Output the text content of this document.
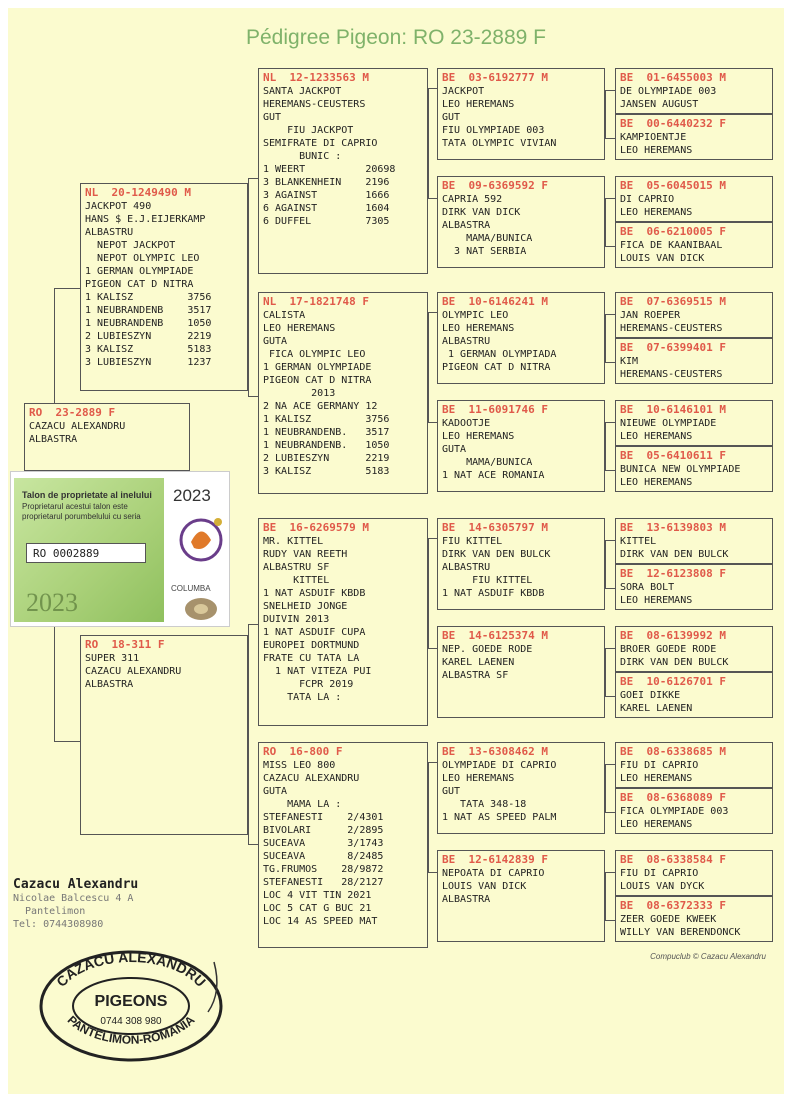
Pédigree Pigeon: RO 23-2889 F
RO  23-2889 F
CAZACU ALEXANDRU
ALBASTRA
NL  20-1249490 M
JACKPOT 490
HANS $ E.J.EIJERKAMP
ALBASTRU
NEPOT JACKPOT
NEPOT OLYMPIC LEO
1 GERMAN OLYMPIADE
PIGEON CAT D NITRA
1 KALISZ         3756
1 NEUBRANDENB    3517
1 NEUBRANDENB    1050
2 LUBIESZYN      2219
3 KALISZ         5183
3 LUBIESZYN      1237
RO  18-311 F
SUPER 311
CAZACU ALEXANDRU
ALBASTRA
NL  12-1233563 M
SANTA JACKPOT
HEREMANS-CEUSTERS
GUT
FIU JACKPOT
SEMIFRATE DI CAPRIO
BUNIC :
1 WEERT          20698
3 BLANKENHEIN    2196
3 AGAINST        1666
6 AGAINST        1604
6 DUFFEL         7305
NL  17-1821748 F
CALISTA
LEO HEREMANS
GUTA
FICA OLYMPIC LEO
1 GERMAN OLYMPIADE
PIGEON CAT D NITRA
2013
2 NA ACE GERMANY 12
1 KALISZ         3756
1 NEUBRANDENB.   3517
1 NEUBRANDENB.   1050
2 LUBIESZYN      2219
3 KALISZ         5183
BE  16-6269579 M
MR. KITTEL
RUDY VAN REETH
ALBASTRU SF
KITTEL
1 NAT ASDUIF KBDB
SNELHEID JONGE
DUIVIN 2013
1 NAT ASDUIF CUPA
EUROPEI DORTMUND
FRATE CU TATA LA
1 NAT VITEZA PUI
FCPR 2019
TATA LA :
RO  16-800 F
MISS LEO 800
CAZACU ALEXANDRU
GUTA
MAMA LA :
STEFANESTI    2/4301
BIVOLARI      2/2895
SUCEAVA       3/1743
SUCEAVA       8/2485
TG.FRUMOS    28/9872
STEFANESTI   28/2127
LOC 4 VIT TIN 2021
LOC 5 CAT G BUC 21
LOC 14 AS SPEED MAT
BE  03-6192777 M
JACKPOT
LEO HEREMANS
GUT
FIU OLYMPIADE 003
TATA OLYMPIC VIVIAN
BE  09-6369592 F
CAPRIA 592
DIRK VAN DICK
ALBASTRA
MAMA/BUNICA
3 NAT SERBIA
BE  10-6146241 M
OLYMPIC LEO
LEO HEREMANS
ALBASTRU
1 GERMAN OLYMPIADA
PIGEON CAT D NITRA
BE  11-6091746 F
KADOOTJE
LEO HEREMANS
GUTA
MAMA/BUNICA
1 NAT ACE ROMANIA
BE  14-6305797 M
FIU KITTEL
DIRK VAN DEN BULCK
ALBASTRU
FIU KITTEL
1 NAT ASDUIF KBDB
BE  14-6125374 M
NEP. GOEDE RODE
KAREL LAENEN
ALBASTRA SF
BE  13-6308462 M
OLYMPIADE DI CAPRIO
LEO HEREMANS
GUT
TATA 348-18
1 NAT AS SPEED PALM
BE  12-6142839 F
NEPOATA DI CAPRIO
LOUIS VAN DICK
ALBASTRA
BE  01-6455003 M
DE OLYMPIADE 003
JANSEN AUGUST
BE  00-6440232 F
KAMPIOENTJE
LEO HEREMANS
BE  05-6045015 M
DI CAPRIO
LEO HEREMANS
BE  06-6210005 F
FICA DE KAANIBAAL
LOUIS VAN DICK
BE  07-6369515 M
JAN ROEPER
HEREMANS-CEUSTERS
BE  07-6399401 F
KIM
HEREMANS-CEUSTERS
BE  10-6146101 M
NIEUWE OLYMPIADE
LEO HEREMANS
BE  05-6410611 F
BUNICA NEW OLYMPIADE
LEO HEREMANS
BE  13-6139803 M
KITTEL
DIRK VAN DEN BULCK
BE  12-6123808 F
SORA BOLT
LEO HEREMANS
BE  08-6139992 M
BROER GOEDE RODE
DIRK VAN DEN BULCK
BE  10-6126701 F
GOEI DIKKE
KAREL LAENEN
BE  08-6338685 M
FIU DI CAPRIO
LEO HEREMANS
BE  08-6368089 F
FICA OLYMPIADE 003
LEO HEREMANS
BE  08-6338584 F
FIU DI CAPRIO
LOUIS VAN DYCK
BE  08-6372333 F
ZEER GOEDE KWEEK
WILLY VAN BERENDONCK
Talon de proprietate al inelului
Proprietarul acestui talon este
proprietarul porumbelului cu seria
RO 0002889
2023
2023
COLUMBA
Cazacu Alexandru
Nicolae Balcescu 4 A
Pantelimon
Tel: 0744308980
CAZACU ALEXANDRU
PANTELIMON-ROMANIA
PIGEONS
0744 308 980
Compuclub © Cazacu Alexandru
